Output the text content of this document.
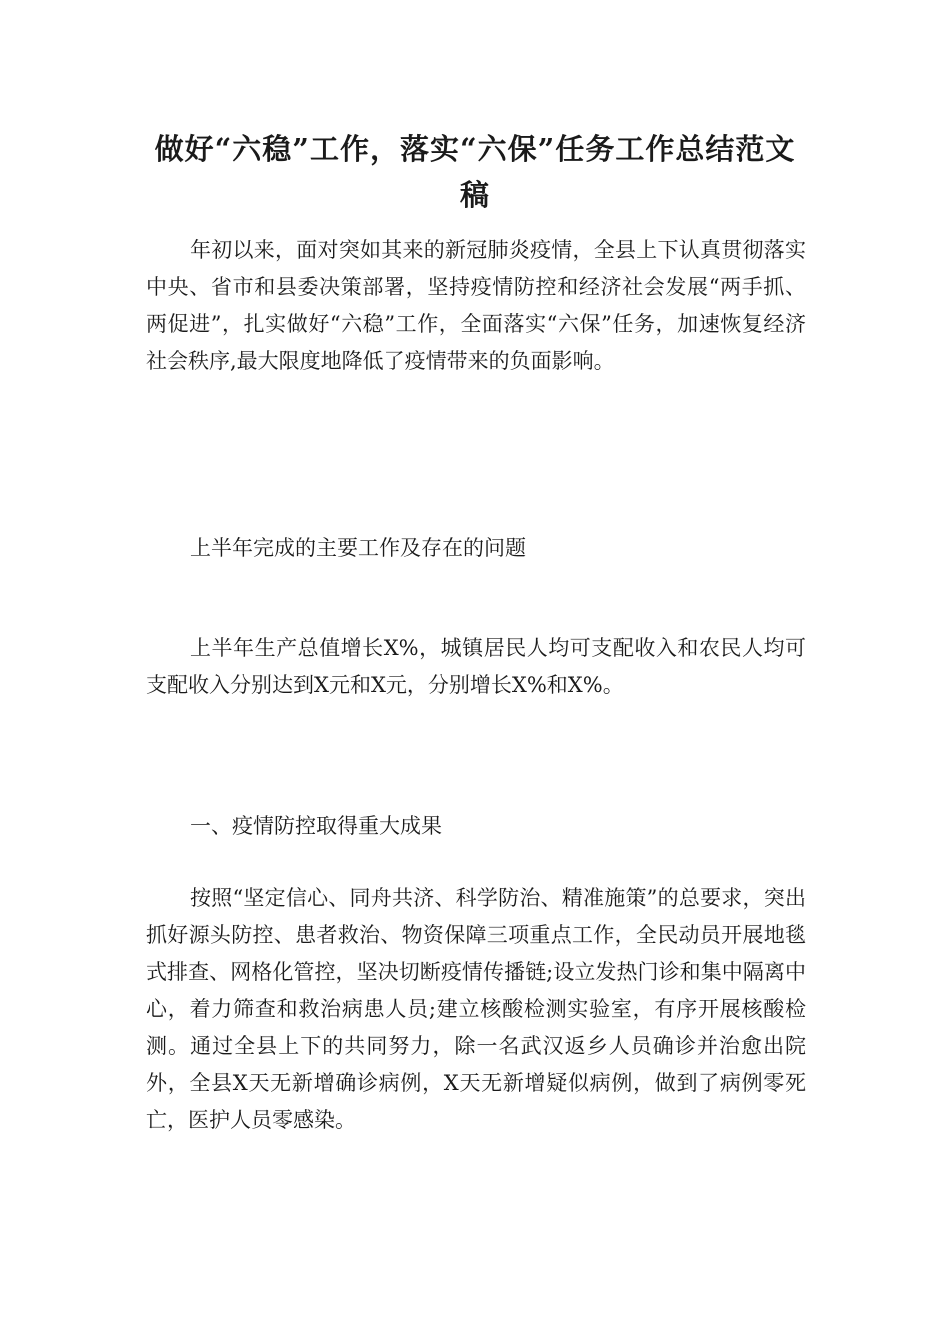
做好“六稳”工作，落实“六保”任务工作总结范文稿

年初以来，面对突如其来的新冠肺炎疫情，全县上下认真贯彻落实中央、省市和县委决策部署，坚持疫情防控和经济社会发展“两手抓、两促进”，扎实做好“六稳”工作，全面落实“六保”任务，加速恢复经济社会秩序,最大限度地降低了疫情带来的负面影响。

上半年完成的主要工作及存在的问题

上半年生产总值增长X%，城镇居民人均可支配收入和农民人均可支配收入分别达到X元和X元，分别增长X%和X%。

一、疫情防控取得重大成果

按照“坚定信心、同舟共济、科学防治、精准施策”的总要求，突出抓好源头防控、患者救治、物资保障三项重点工作，全民动员开展地毯式排查、网格化管控，坚决切断疫情传播链;设立发热门诊和集中隔离中心，着力筛查和救治病患人员;建立核酸检测实验室，有序开展核酸检测。通过全县上下的共同努力，除一名武汉返乡人员确诊并治愈出院外，全县X天无新增确诊病例，X天无新增疑似病例，做到了病例零死亡，医护人员零感染。
